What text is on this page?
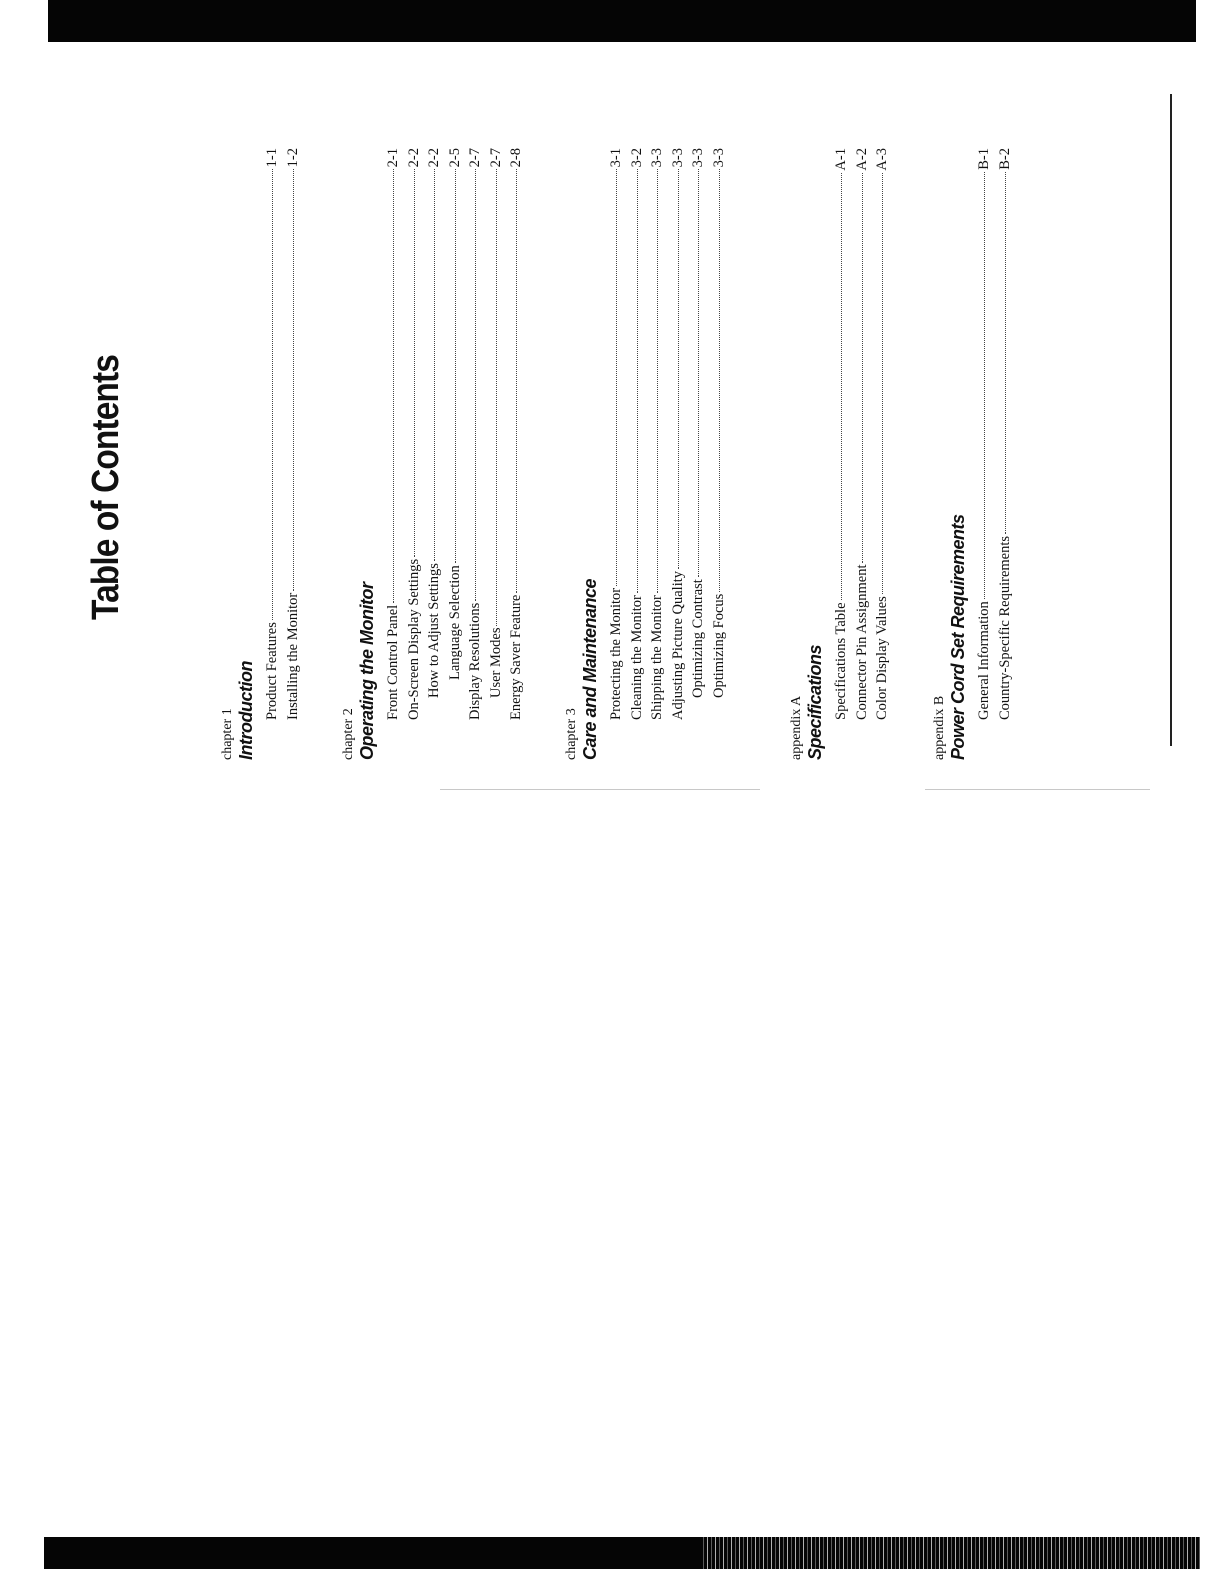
Table of Contents
chapter 1 Introduction Product Features
1-1
Installing the Monitor
1-2
chapter 2 Operating the Monitor Front Control Panel
2-1
On-Screen Display Settings
2-2
How to Adjust Settings
2-2
Language Selection
2-5
Display Resolutions
2-7
User Modes
2-7
Energy Saver Feature
2-8
chapter 3 Care and Maintenance Protecting the Monitor
3-1
Cleaning the Monitor
3-2
Shipping the Monitor
3-3
Adjusting Picture Quality
3-3
Optimizing Contrast
3-3
Optimizing Focus
3-3
appendix A Specifications Specifications Table
A-1
Connector Pin Assignment
A-2
Color Display Values
A-3
appendix B Power Cord Set Requirements General Information
B-1
Country-Specific Requirements
B-2
